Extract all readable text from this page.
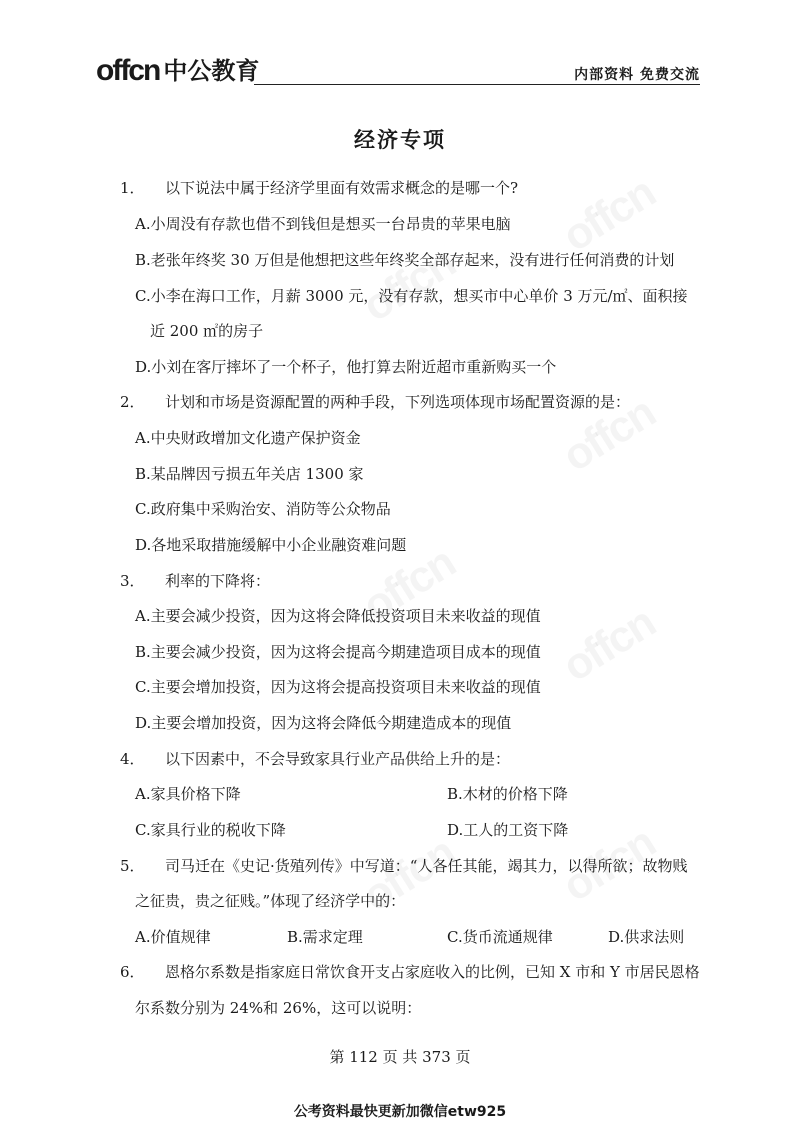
offcn 中公教育	内部资料 免费交流
经济专项
1． 以下说法中属于经济学里面有效需求概念的是哪一个?
A.小周没有存款也借不到钱但是想买一台昂贵的苹果电脑
B.老张年终奖 30 万但是他想把这些年终奖全部存起来，没有进行任何消费的计划
C.小李在海口工作，月薪 3000 元，没有存款，想买市中心单价 3 万元/㎡、面积接
近 200 ㎡的房子
D.小刘在客厅摔坏了一个杯子，他打算去附近超市重新购买一个
2． 计划和市场是资源配置的两种手段，下列选项体现市场配置资源的是：
A.中央财政增加文化遗产保护资金
B.某品牌因亏损五年关店 1300 家
C.政府集中采购治安、消防等公众物品
D.各地采取措施缓解中小企业融资难问题
3． 利率的下降将：
A.主要会减少投资，因为这将会降低投资项目未来收益的现值
B.主要会减少投资，因为这将会提高今期建造项目成本的现值
C.主要会增加投资，因为这将会提高投资项目未来收益的现值
D.主要会增加投资，因为这将会降低今期建造成本的现值
4． 以下因素中，不会导致家具行业产品供给上升的是：
A.家具价格下降	B.木材的价格下降
C.家具行业的税收下降	D.工人的工资下降
5． 司马迁在《史记·货殖列传》中写道：“人各任其能，竭其力，以得所欲；故物贱
之征贵，贵之征贱。”体现了经济学中的：
A.价值规律	B.需求定理	C.货币流通规律	D.供求法则
6． 恩格尔系数是指家庭日常饮食开支占家庭收入的比例，已知 X 市和 Y 市居民恩格
尔系数分别为 24%和 26%，这可以说明：
第 112 页 共 373 页
公考资料最快更新加微信etw925
